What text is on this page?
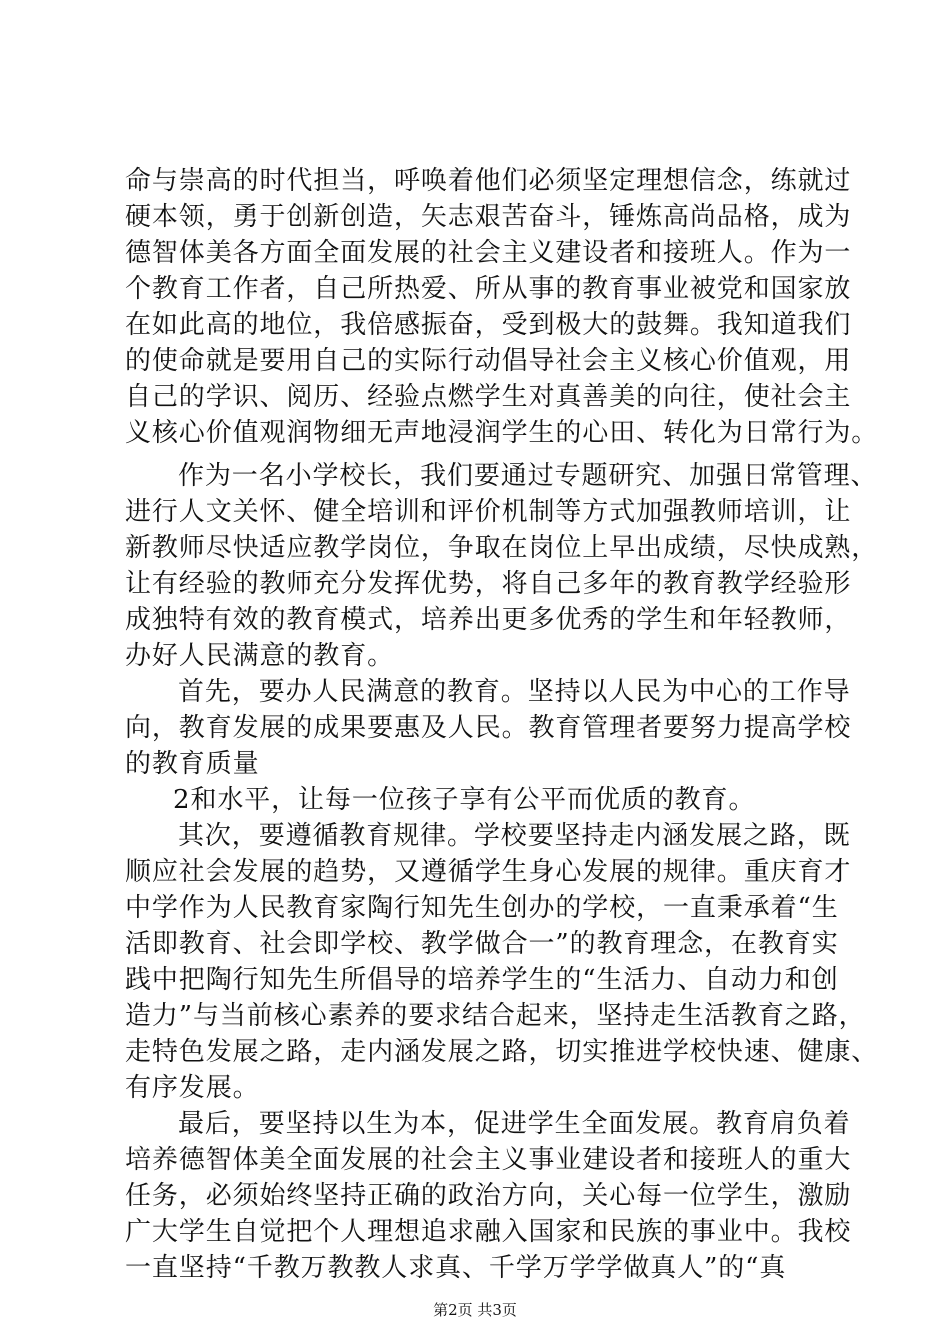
命与崇高的时代担当，呼唤着他们必须坚定理想信念，练就过
硬本领，勇于创新创造，矢志艰苦奋斗，锤炼高尚品格，成为
德智体美各方面全面发展的社会主义建设者和接班人。作为一
个教育工作者，自己所热爱、所从事的教育事业被党和国家放
在如此高的地位，我倍感振奋，受到极大的鼓舞。我知道我们
的使命就是要用自己的实际行动倡导社会主义核心价值观，用
自己的学识、阅历、经验点燃学生对真善美的向往，使社会主
义核心价值观润物细无声地浸润学生的心田、转化为日常行为。
作为一名小学校长，我们要通过专题研究、加强日常管理、
进行人文关怀、健全培训和评价机制等方式加强教师培训，让
新教师尽快适应教学岗位，争取在岗位上早出成绩，尽快成熟，
让有经验的教师充分发挥优势，将自己多年的教育教学经验形
成独特有效的教育模式，培养出更多优秀的学生和年轻教师，
办好人民满意的教育。
首先，要办人民满意的教育。坚持以人民为中心的工作导
向，教育发展的成果要惠及人民。教育管理者要努力提高学校
的教育质量
2和水平，让每一位孩子享有公平而优质的教育。
其次，要遵循教育规律。学校要坚持走内涵发展之路，既
顺应社会发展的趋势，又遵循学生身心发展的规律。重庆育才
中学作为人民教育家陶行知先生创办的学校，一直秉承着“生
活即教育、社会即学校、教学做合一”的教育理念，在教育实
践中把陶行知先生所倡导的培养学生的“生活力、自动力和创
造力”与当前核心素养的要求结合起来，坚持走生活教育之路，
走特色发展之路，走内涵发展之路，切实推进学校快速、健康、
有序发展。
最后，要坚持以生为本，促进学生全面发展。教育肩负着
培养德智体美全面发展的社会主义事业建设者和接班人的重大
任务，必须始终坚持正确的政治方向，关心每一位学生，激励
广大学生自觉把个人理想追求融入国家和民族的事业中。我校
一直坚持“千教万教教人求真、千学万学学做真人”的“真
第2页 共3页
